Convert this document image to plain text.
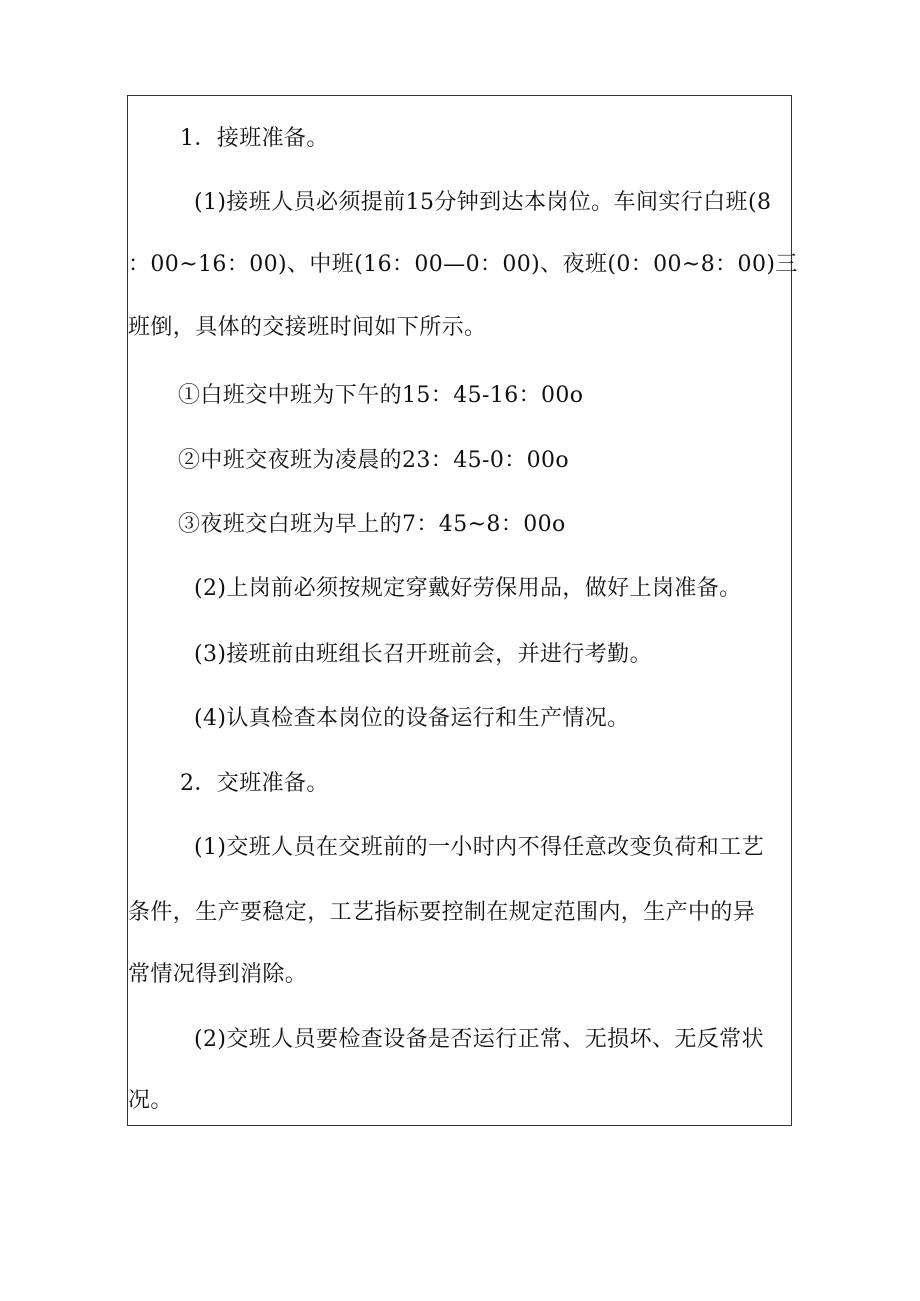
1．接班准备。
(1)接班人员必须提前15分钟到达本岗位。车间实行白班(8
：00~16：00)、中班(16：00—0：00)、夜班(0：00~8：00)三
班倒，具体的交接班时间如下所示。
①白班交中班为下午的15：45-16：00o
②中班交夜班为凌晨的23：45-0：00o
③夜班交白班为早上的7：45~8：00o
(2)上岗前必须按规定穿戴好劳保用品，做好上岗准备。
(3)接班前由班组长召开班前会，并进行考勤。
(4)认真检查本岗位的设备运行和生产情况。
2．交班准备。
(1)交班人员在交班前的一小时内不得任意改变负荷和工艺
条件，生产要稳定，工艺指标要控制在规定范围内，生产中的异
常情况得到消除。
(2)交班人员要检查设备是否运行正常、无损坏、无反常状
况。
